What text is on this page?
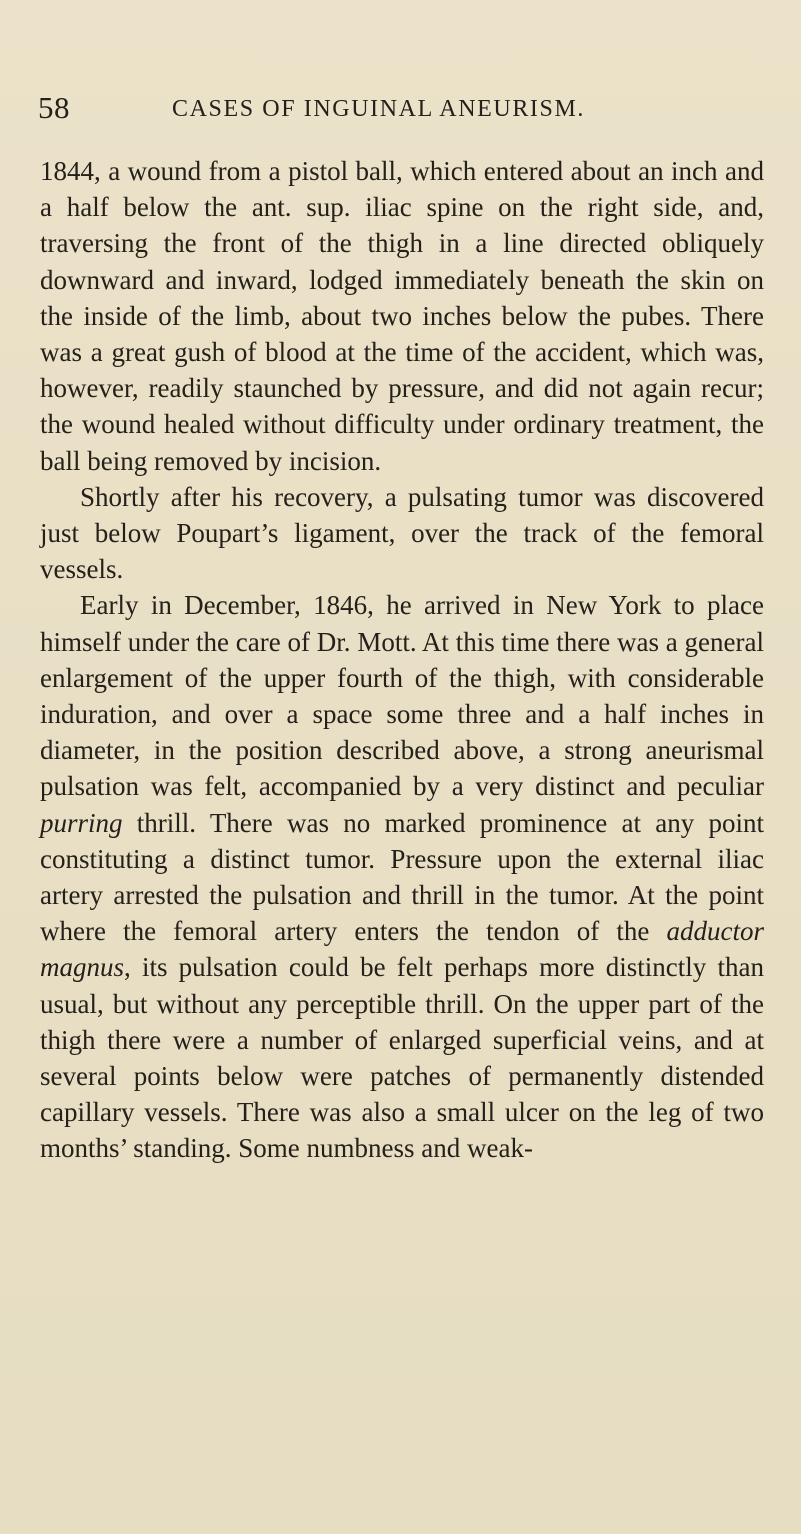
58	CASES OF INGUINAL ANEURISM.

1844, a wound from a pistol ball, which entered about an inch and a half below the ant. sup. iliac spine on the right side, and, traversing the front of the thigh in a line directed obliquely downward and inward, lodged immediately beneath the skin on the inside of the limb, about two inches below the pubes. There was a great gush of blood at the time of the accident, which was, however, readily staunched by pressure, and did not again recur; the wound healed without difficulty under ordinary treatment, the ball being removed by incision.

Shortly after his recovery, a pulsating tumor was discovered just below Poupart’s ligament, over the track of the femoral vessels.

Early in December, 1846, he arrived in New York to place himself under the care of Dr. Mott. At this time there was a general enlargement of the upper fourth of the thigh, with considerable induration, and over a space some three and a half inches in diameter, in the position described above, a strong aneurismal pulsation was felt, accompanied by a very distinct and peculiar purring thrill. There was no marked prominence at any point constituting a distinct tumor. Pressure upon the external iliac artery arrested the pulsation and thrill in the tumor. At the point where the femoral artery enters the tendon of the adductor magnus, its pulsation could be felt perhaps more distinctly than usual, but without any perceptible thrill. On the upper part of the thigh there were a number of enlarged superficial veins, and at several points below were patches of permanently distended capillary vessels. There was also a small ulcer on the leg of two months’ standing. Some numbness and weak-
